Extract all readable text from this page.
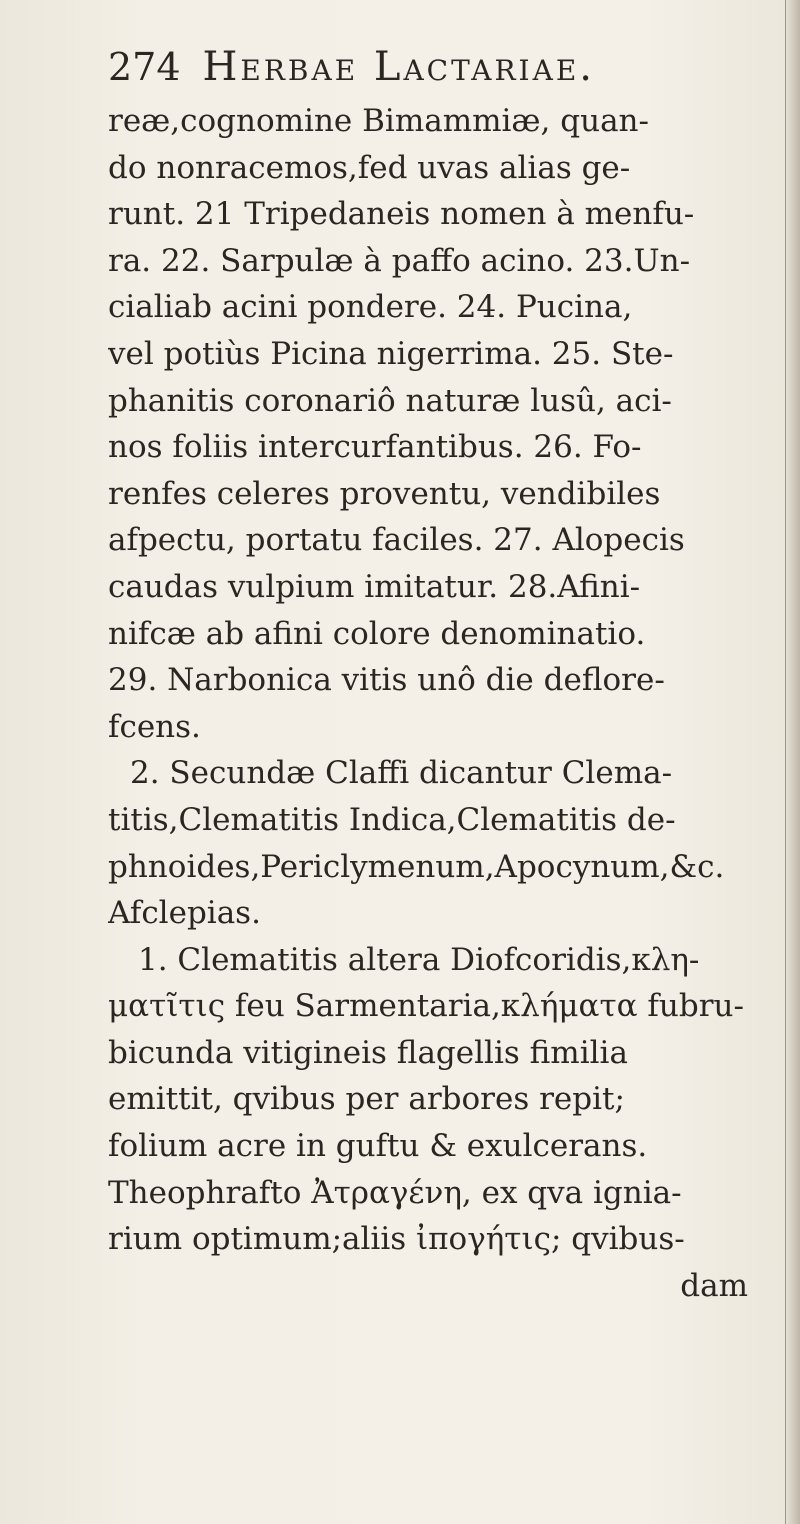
274 Herbae Lactariae.
reæ,cognomine Bimammiæ, quan-
do nonracemos,fed uvas alias ge-
runt. 21 Tripedaneis nomen à menfu-
ra. 22. Sarpulæ à paffo acino. 23.Un-
cialiab acini pondere. 24. Pucina,
vel potiùs Picina nigerrima. 25. Ste-
phanitis coronariô naturæ lusû, aci-
nos foliis intercurfantibus. 26. Fo-
renfes celeres proventu, vendibiles
afpectu, portatu faciles. 27. Alopecis
caudas vulpium imitatur. 28.Afini-
nifcæ ab afini colore denominatio.
29. Narbonica vitis unô die deflore-
fcens.
2. Secundæ Claffi dicantur Clema-
titis,Clematitis Indica,Clematitis de-
phnoides,Periclymenum,Apocynum,&c.
Afclepias.
1. Clematitis altera Diofcoridis,κλη-
ματῖτις feu Sarmentaria,κλήματα fubru-
bicunda vitigineis flagellis fimilia
emittit, qvibus per arbores repit;
folium acre in guftu & exulcerans.
Theophrafto Ἀτραγένη, ex qva ignia-
rium optimum;aliis ἰπογήτις; qvibus-
dam
